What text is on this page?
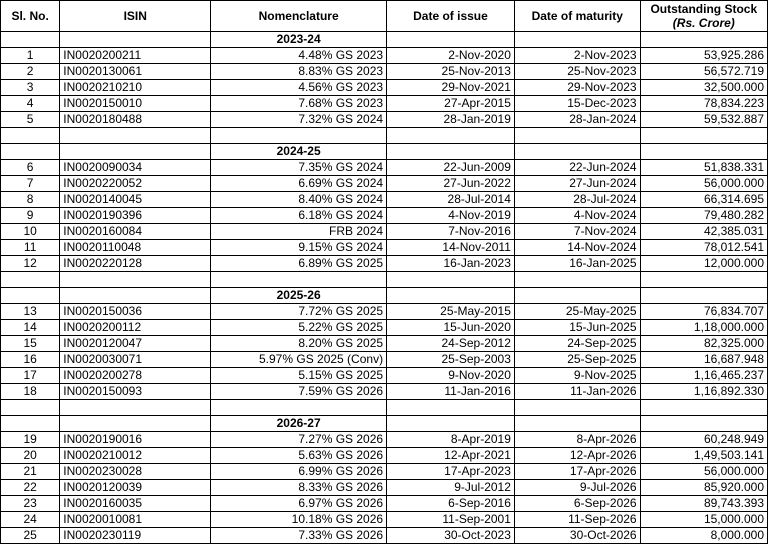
Sl. No.	ISIN	Nomenclature	Date of issue	Date of maturity	Outstanding Stock
(Rs. Crore)

		2023-24			
1	IN0020200211	4.48% GS 2023	2-Nov-2020	2-Nov-2023	53,925.286
2	IN0020130061	8.83% GS 2023	25-Nov-2013	25-Nov-2023	56,572.719
3	IN0020210210	4.56% GS 2023	29-Nov-2021	29-Nov-2023	32,500.000
4	IN0020150010	7.68% GS 2023	27-Apr-2015	15-Dec-2023	78,834.223
5	IN0020180488	7.32% GS 2024	28-Jan-2019	28-Jan-2024	59,532.887

		2024-25			
6	IN0020090034	7.35% GS 2024	22-Jun-2009	22-Jun-2024	51,838.331
7	IN0020220052	6.69% GS 2024	27-Jun-2022	27-Jun-2024	56,000.000
8	IN0020140045	8.40% GS 2024	28-Jul-2014	28-Jul-2024	66,314.695
9	IN0020190396	6.18% GS 2024	4-Nov-2019	4-Nov-2024	79,480.282
10	IN0020160084	FRB 2024	7-Nov-2016	7-Nov-2024	42,385.031
11	IN0020110048	9.15% GS 2024	14-Nov-2011	14-Nov-2024	78,012.541
12	IN0020220128	6.89% GS 2025	16-Jan-2023	16-Jan-2025	12,000.000

		2025-26			
13	IN0020150036	7.72% GS 2025	25-May-2015	25-May-2025	76,834.707
14	IN0020200112	5.22% GS 2025	15-Jun-2020	15-Jun-2025	1,18,000.000
15	IN0020120047	8.20% GS 2025	24-Sep-2012	24-Sep-2025	82,325.000
16	IN0020030071	5.97% GS 2025 (Conv)	25-Sep-2003	25-Sep-2025	16,687.948
17	IN0020200278	5.15% GS 2025	9-Nov-2020	9-Nov-2025	1,16,465.237
18	IN0020150093	7.59% GS 2026	11-Jan-2016	11-Jan-2026	1,16,892.330

		2026-27			
19	IN0020190016	7.27% GS 2026	8-Apr-2019	8-Apr-2026	60,248.949
20	IN0020210012	5.63% GS 2026	12-Apr-2021	12-Apr-2026	1,49,503.141
21	IN0020230028	6.99% GS 2026	17-Apr-2023	17-Apr-2026	56,000.000
22	IN0020120039	8.33% GS 2026	9-Jul-2012	9-Jul-2026	85,920.000
23	IN0020160035	6.97% GS 2026	6-Sep-2016	6-Sep-2026	89,743.393
24	IN0020010081	10.18% GS 2026	11-Sep-2001	11-Sep-2026	15,000.000
25	IN0020230119	7.33% GS 2026	30-Oct-2023	30-Oct-2026	8,000.000
